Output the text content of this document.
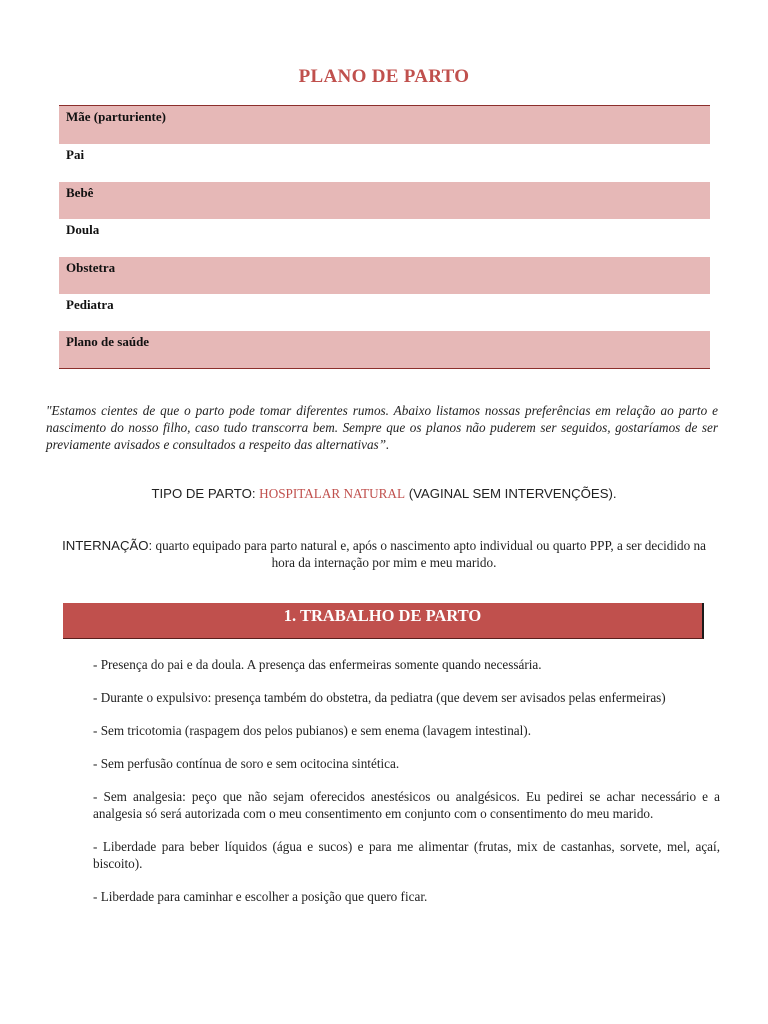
PLANO DE PARTO
Mãe (parturiente)
Pai
Bebê
Doula
Obstetra
Pediatra
Plano de saúde
"Estamos cientes de que o parto pode tomar diferentes rumos. Abaixo listamos nossas preferências em relação ao parto e nascimento do nosso filho, caso tudo transcorra bem. Sempre que os planos não puderem ser seguidos, gostaríamos de ser previamente avisados e consultados a respeito das alternativas”.
TIPO DE PARTO: HOSPITALAR NATURAL (VAGINAL SEM INTERVENÇÕES).
INTERNAÇÃO: quarto equipado para parto natural e, após o nascimento apto individual ou quarto PPP, a ser decidido na hora da internação por mim e meu marido.
1. TRABALHO DE PARTO
- Presença do pai e da doula. A presença das enfermeiras somente quando necessária.
- Durante o expulsivo: presença também do obstetra, da pediatra (que devem ser avisados pelas enfermeiras)
- Sem tricotomia (raspagem dos pelos pubianos) e sem enema (lavagem intestinal).
- Sem perfusão contínua de soro e sem ocitocina sintética.
- Sem analgesia: peço que não sejam oferecidos anestésicos ou analgésicos. Eu pedirei se achar necessário e a analgesia só será autorizada com o meu consentimento em conjunto com o consentimento do meu marido.
- Liberdade para beber líquidos (água e sucos) e para me alimentar (frutas, mix de castanhas, sorvete, mel, açaí, biscoito).
- Liberdade para caminhar e escolher a posição que quero ficar.
